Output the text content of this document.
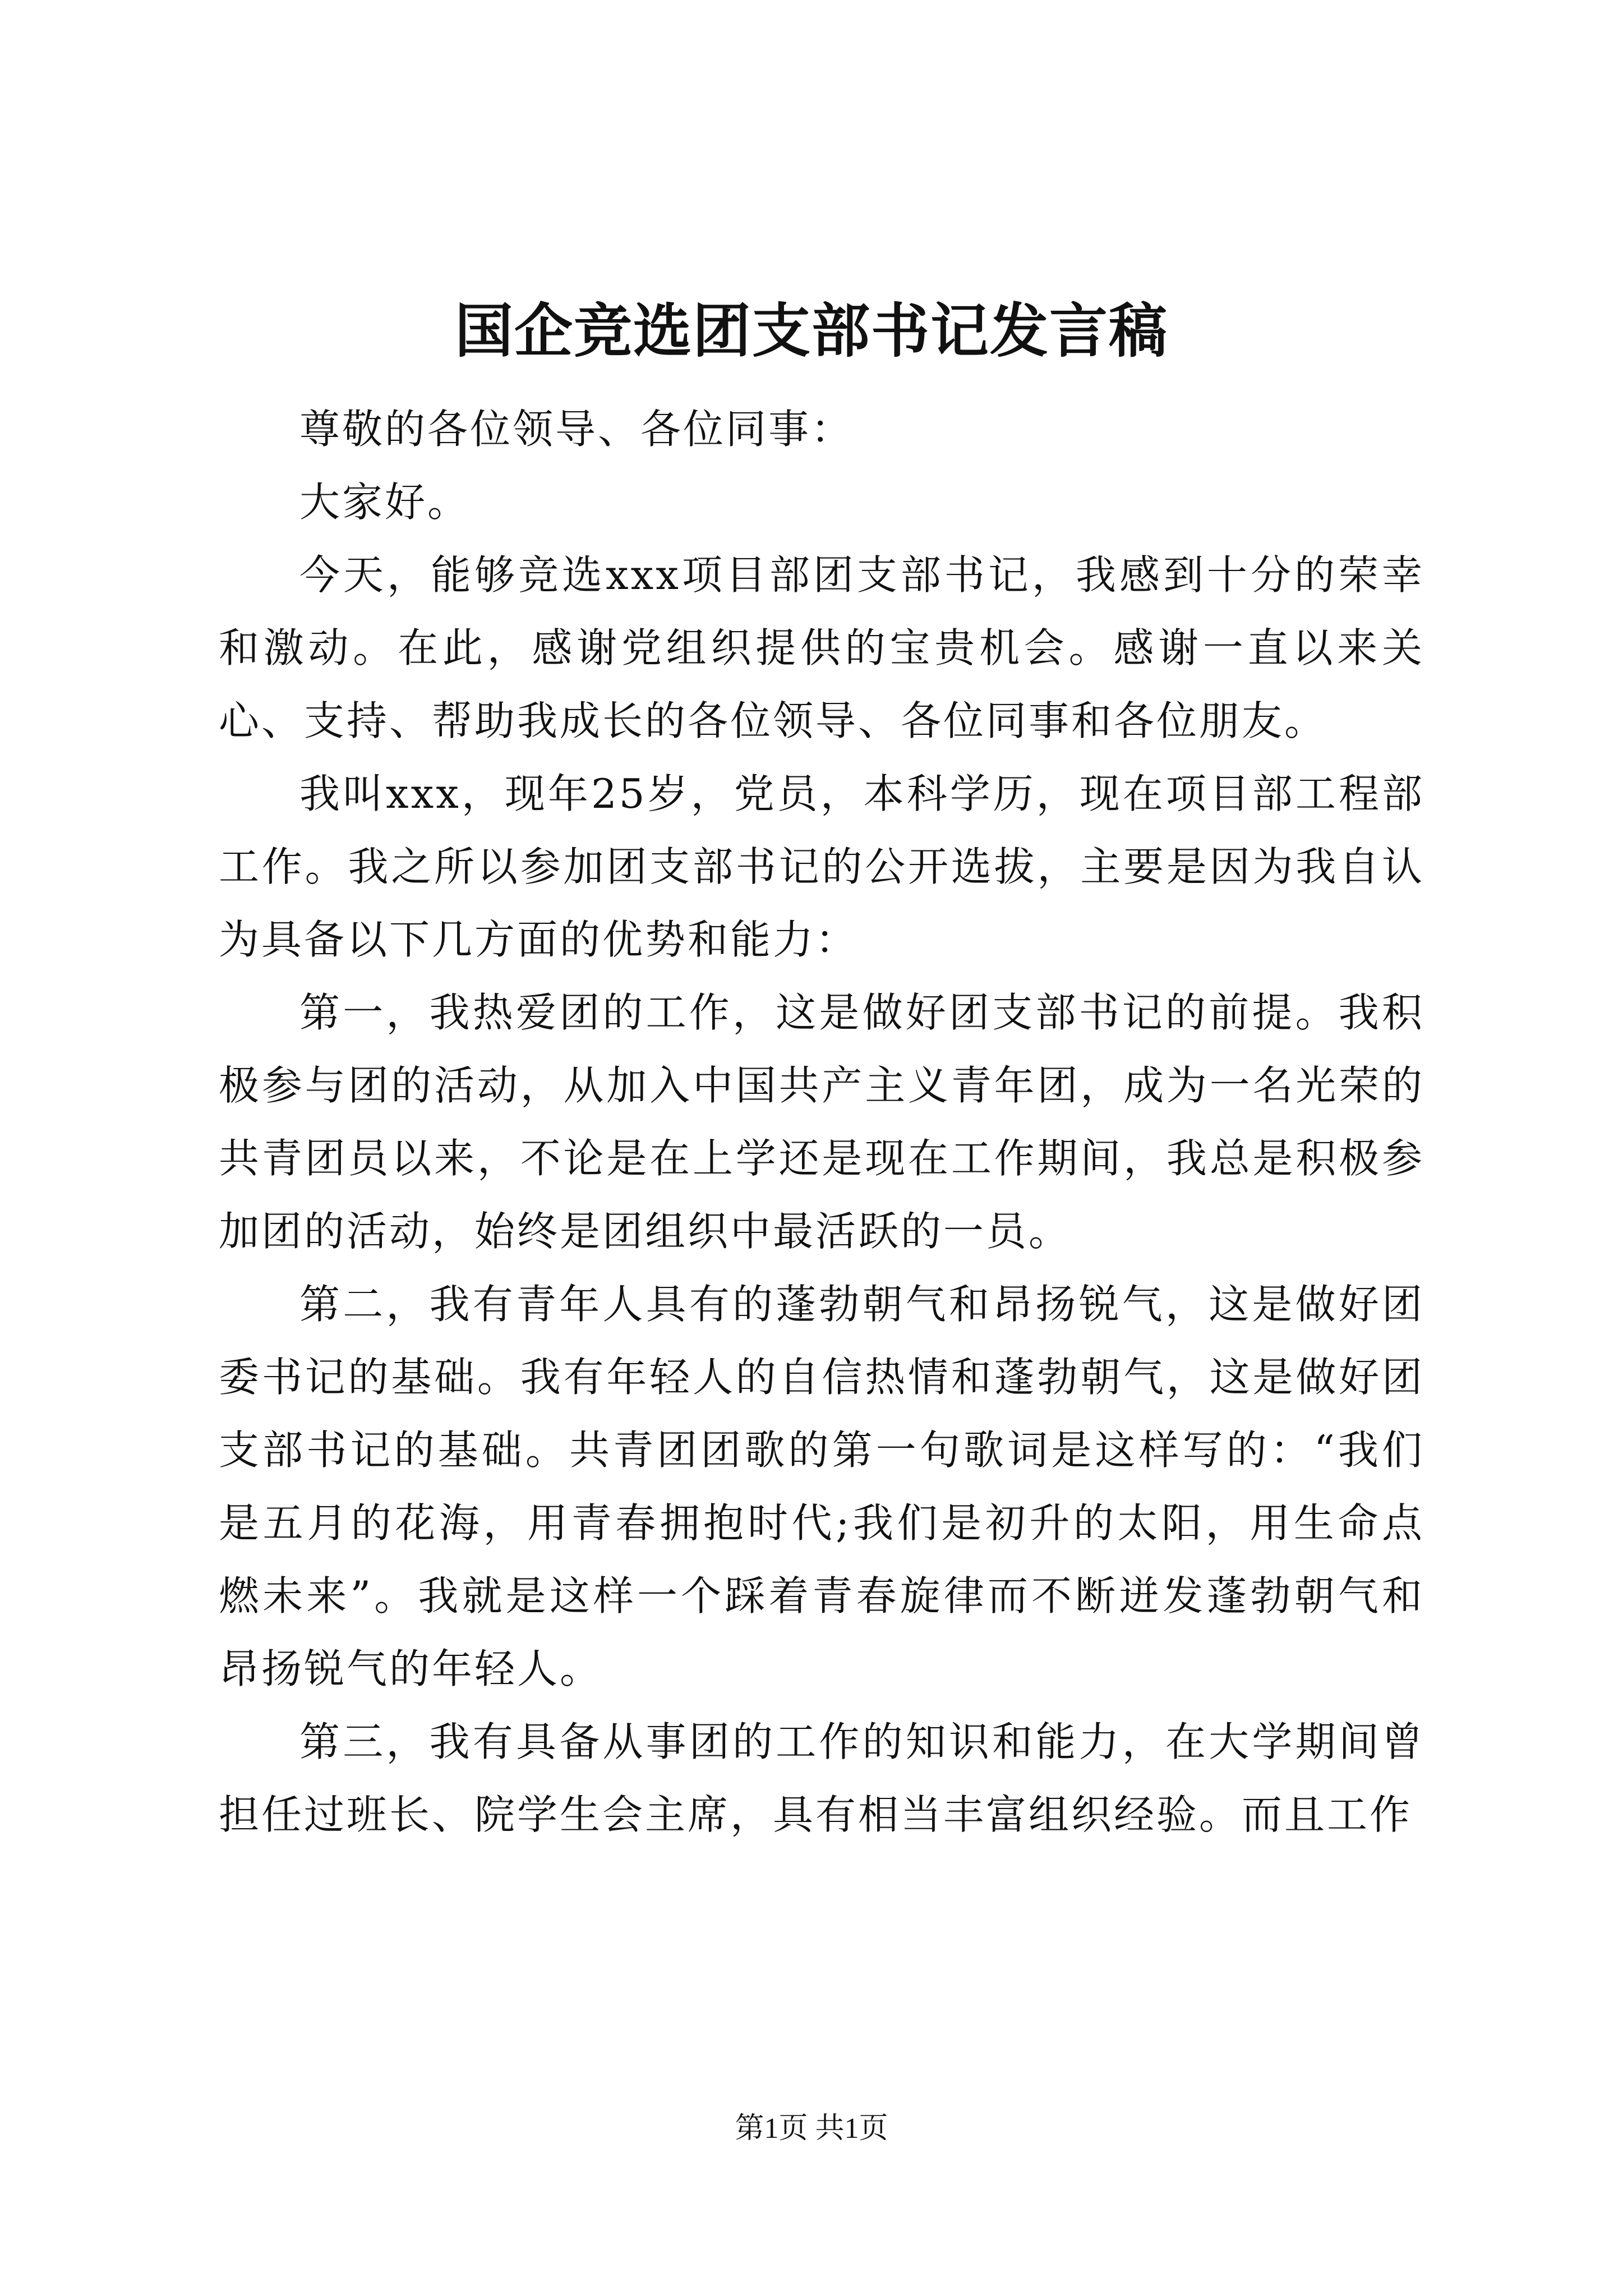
国企竞选团支部书记发言稿

尊敬的各位领导、各位同事：

大家好。

今天，能够竞选xxx项目部团支部书记，我感到十分的荣幸和激动。在此，感谢党组织提供的宝贵机会。感谢一直以来关心、支持、帮助我成长的各位领导、各位同事和各位朋友。

我叫xxx，现年25岁，党员，本科学历，现在项目部工程部工作。我之所以参加团支部书记的公开选拔，主要是因为我自认为具备以下几方面的优势和能力：

第一，我热爱团的工作，这是做好团支部书记的前提。我积极参与团的活动，从加入中国共产主义青年团，成为一名光荣的共青团员以来，不论是在上学还是现在工作期间，我总是积极参加团的活动，始终是团组织中最活跃的一员。

第二，我有青年人具有的蓬勃朝气和昂扬锐气，这是做好团委书记的基础。我有年轻人的自信热情和蓬勃朝气，这是做好团支部书记的基础。共青团团歌的第一句歌词是这样写的：“我们是五月的花海，用青春拥抱时代;我们是初升的太阳，用生命点燃未来”。我就是这样一个踩着青春旋律而不断迸发蓬勃朝气和昂扬锐气的年轻人。

第三，我有具备从事团的工作的知识和能力，在大学期间曾担任过班长、院学生会主席，具有相当丰富组织经验。而且工作

第1页 共1页
